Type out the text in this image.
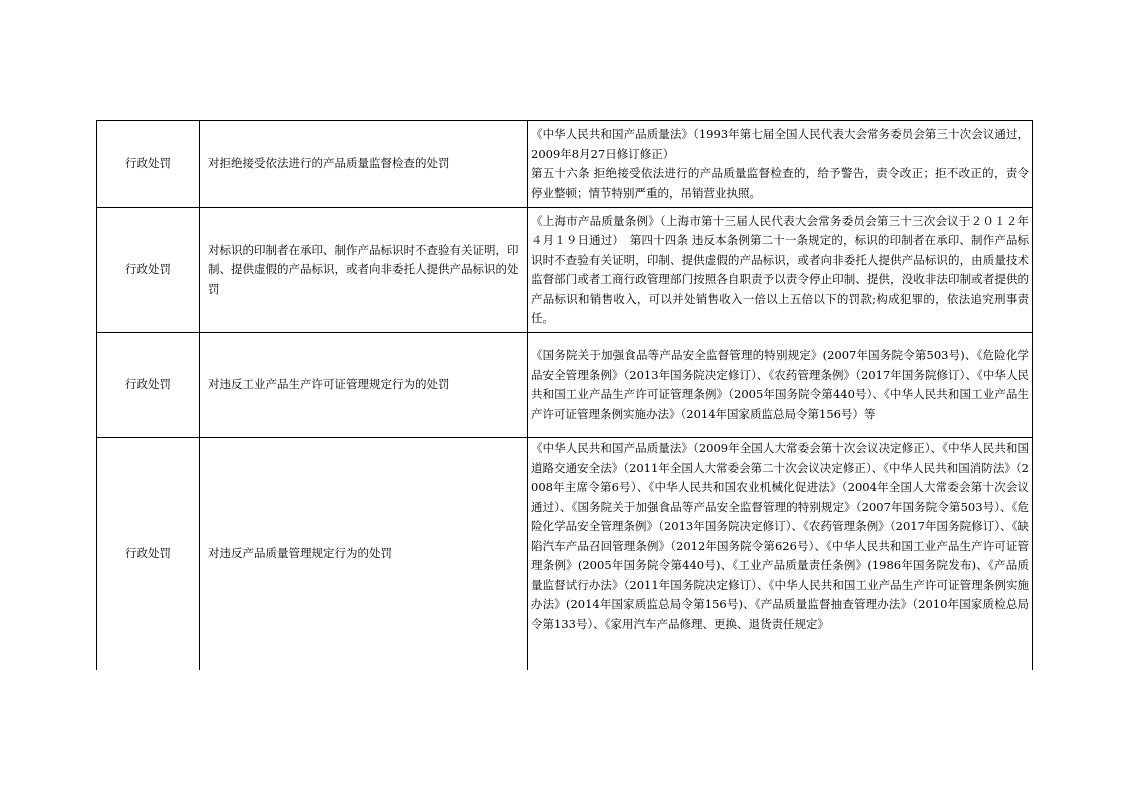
行政处罚	对拒绝接受依法进行的产品质量监督检查的处罚	《中华人民共和国产品质量法》（1993年第七届全国人民代表大会常务委员会第三十次会议通过，2009年8月27日修订修正）

第五十六条 拒绝接受依法进行的产品质量监督检查的，给予警告，责令改正；拒不改正的，责令停业整顿；情节特别严重的，吊销营业执照。

行政处罚	对标识的印制者在承印、制作产品标识时不查验有关证明，印制、提供虚假的产品标识，或者向非委托人提供产品标识的处罚	《上海市产品质量条例》（上海市第十三届人民代表大会常务委员会第三十三次会议于２０１２年４月１９日通过）　第四十四条 违反本条例第二十一条规定的，标识的印制者在承印、制作产品标识时不查验有关证明，印制、提供虚假的产品标识，或者向非委托人提供产品标识的，由质量技术监督部门或者工商行政管理部门按照各自职责予以责令停止印制、提供，没收非法印制或者提供的产品标识和销售收入，可以并处销售收入一倍以上五倍以下的罚款;构成犯罪的，依法追究刑事责任。

行政处罚	对违反工业产品生产许可证管理规定行为的处罚	《国务院关于加强食品等产品安全监督管理的特别规定》(2007年国务院令第503号)、《危险化学品安全管理条例》（2013年国务院决定修订）、《农药管理条例》（2017年国务院修订）、《中华人民共和国工业产品生产许可证管理条例》（2005年国务院令第440号）、《中华人民共和国工业产品生产许可证管理条例实施办法》（2014年国家质监总局令第156号）等

行政处罚	对违反产品质量管理规定行为的处罚	《中华人民共和国产品质量法》（2009年全国人大常委会第十次会议决定修正）、《中华人民共和国道路交通安全法》（2011年全国人大常委会第二十次会议决定修正）、《中华人民共和国消防法》（2008年主席令第6号）、《中华人民共和国农业机械化促进法》（2004年全国人大常委会第十次会议通过）、《国务院关于加强食品等产品安全监督管理的特别规定》（2007年国务院令第503号）、《危险化学品安全管理条例》（2013年国务院决定修订）、《农药管理条例》（2017年国务院修订）、《缺陷汽车产品召回管理条例》（2012年国务院令第626号）、《中华人民共和国工业产品生产许可证管理条例》(2005年国务院令第440号)、《工业产品质量责任条例》(1986年国务院发布)、《产品质量监督试行办法》（2011年国务院决定修订）、《中华人民共和国工业产品生产许可证管理条例实施办法》(2014年国家质监总局令第156号)、《产品质量监督抽查管理办法》（2010年国家质检总局令第133号）、《家用汽车产品修理、更换、退货责任规定》
